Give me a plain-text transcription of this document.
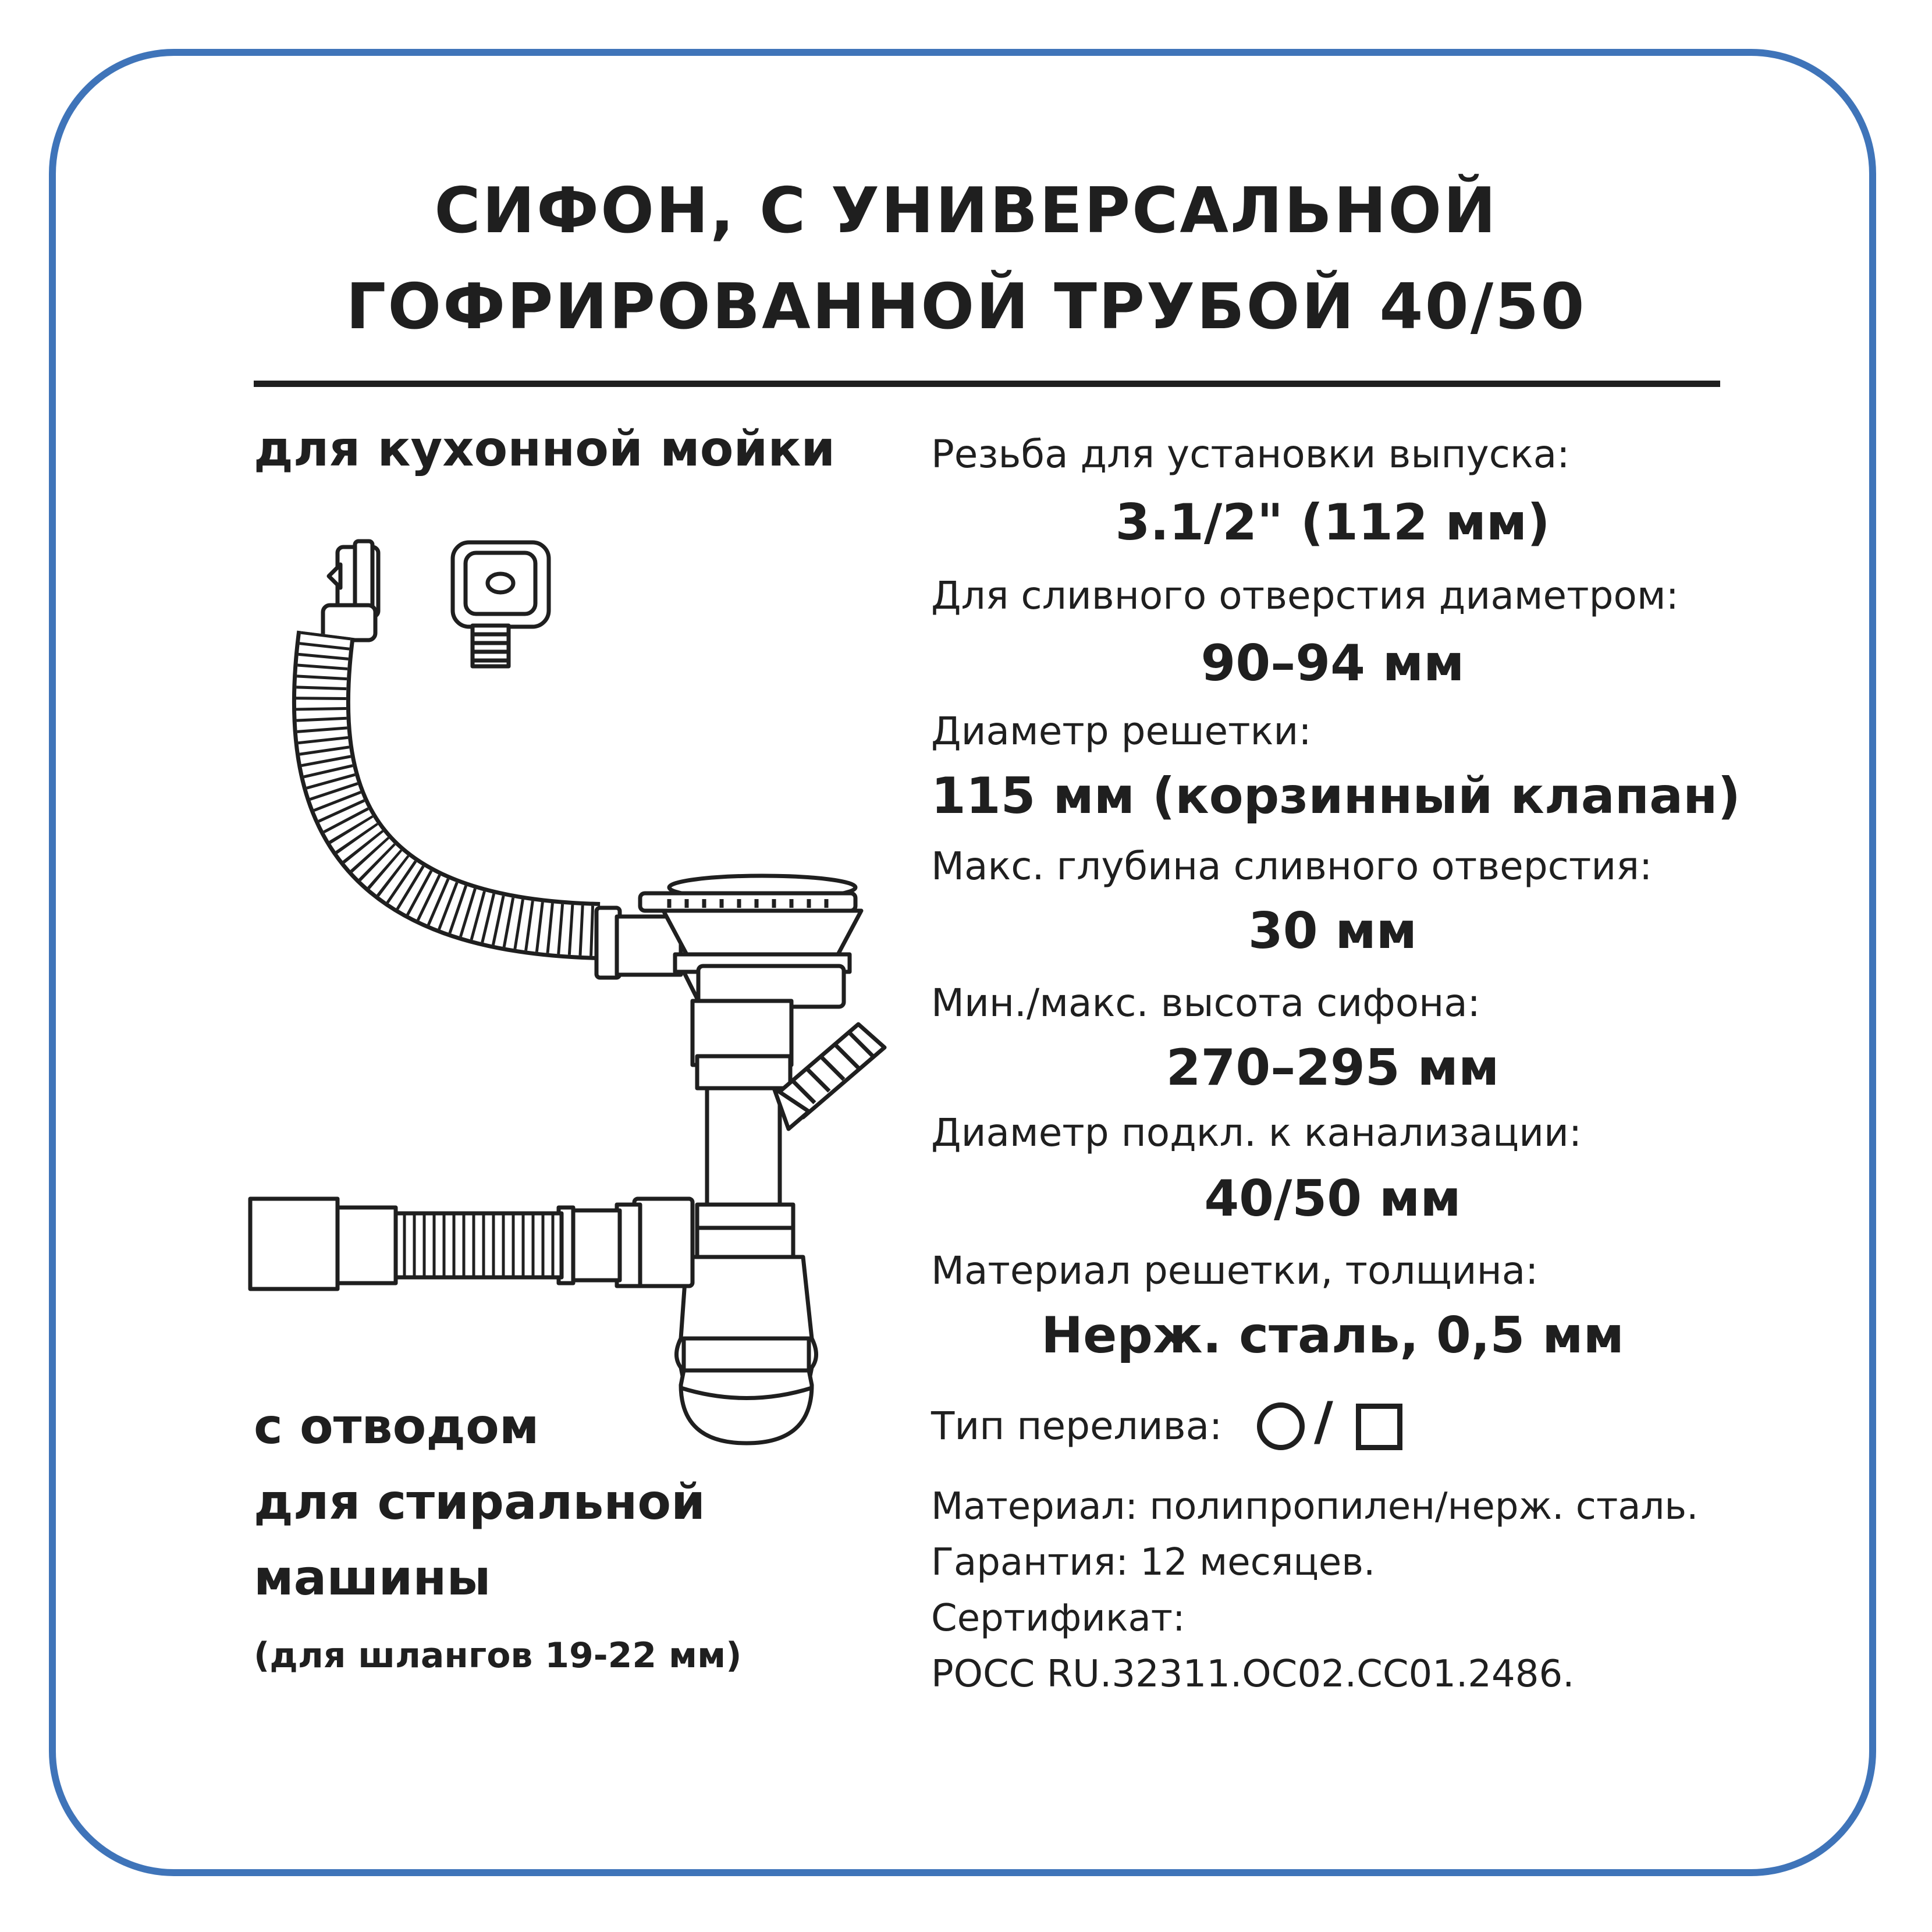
СИФОН, С УНИВЕРСАЛЬНОЙ
ГОФРИРОВАННОЙ ТРУБОЙ 40/50
для кухонной мойки
с отводом
для стиральной
машины
(для шлангов 19-22 мм)
Резьба для установки выпуска:
3.1/2" (112 мм)
Для сливного отверстия диаметром:
90–94 мм
Диаметр решетки:
115 мм (корзинный клапан)
Макс. глубина сливного отверстия:
30 мм
Мин./макс. высота сифона:
270–295 мм
Диаметр подкл. к канализации:
40/50 мм
Материал решетки, толщина:
Нерж. сталь, 0,5 мм
Тип перелива: /
Материал: полипропилен/нерж. сталь.
Гарантия: 12 месяцев.
Сертификат:
РОСС RU.32311.ОС02.СС01.2486.
